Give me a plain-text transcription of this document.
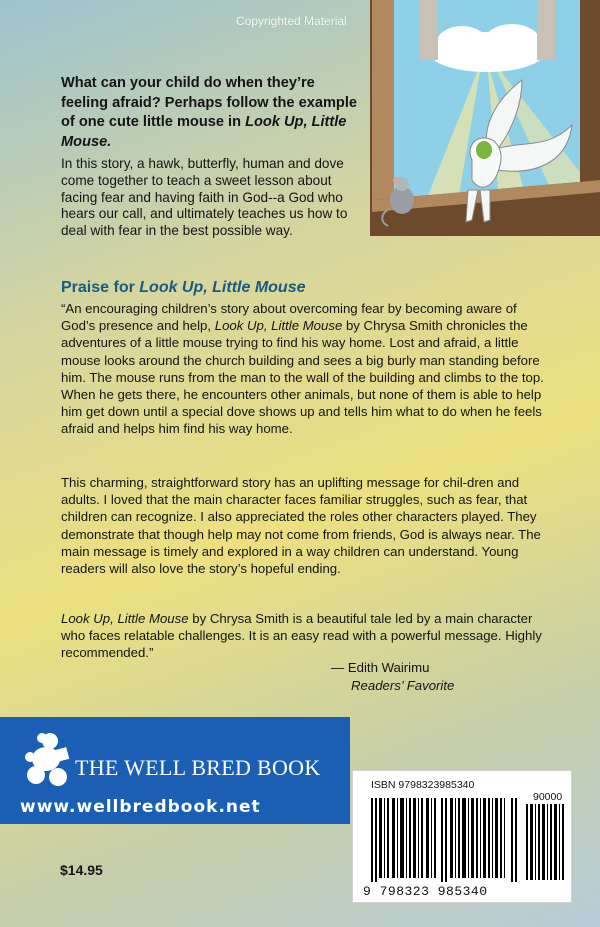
Copyrighted Material
What can your child do when they’re feeling afraid? Perhaps follow the example of one cute little mouse in Look Up, Little Mouse.
In this story, a hawk, butterfly, human and dove come together to teach a sweet lesson about facing fear and having faith in God--a God who hears our call, and ultimately teaches us how to deal with fear in the best possible way.
Praise for Look Up, Little Mouse
“An encouraging children’s story about overcoming fear by becoming aware of God’s presence and help, Look Up, Little Mouse by Chrysa Smith chronicles the adventures of a little mouse trying to find his way home. Lost and afraid, a little mouse looks around the church building and sees a big burly man standing before him. The mouse runs from the man to the wall of the building and climbs to the top. When he gets there, he encounters other animals, but none of them is able to help him get down until a special dove shows up and tells him what to do when he feels afraid and helps him find his way home.
This charming, straightforward story has an uplifting message for chil-dren and adults. I loved that the main character faces familiar struggles, such as fear, that children can recognize. I also appreciated the roles other characters played. They demonstrate that though help may not come from friends, God is always near. The main message is timely and explored in a way children can understand. Young readers will also love the story’s hopeful ending.
Look Up, Little Mouse by Chrysa Smith is a beautiful tale led by a main character who faces relatable challenges. It is an easy read with a powerful message. Highly recommended.”
— Edith Wairimu
Readers’ Favorite
THE WELL BRED BOOK
www.wellbredbook.net
$14.95
ISBN 9798323985340
90000
9 798323 985340
